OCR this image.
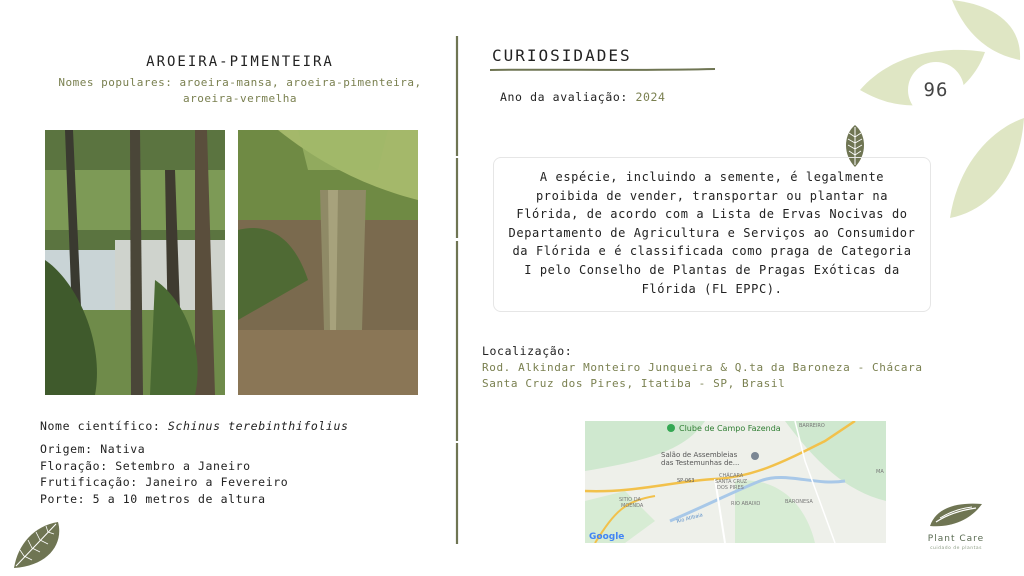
96
AROEIRA-PIMENTEIRA
Nomes populares: aroeira-mansa, aroeira-pimenteira, aroeira-vermelha
Nome científico: Schinus terebinthifolius
Origem: Nativa
Floração: Setembro a Janeiro
Frutificação: Janeiro a Fevereiro
Porte: 5 a 10 metros de altura
CURIOSIDADES
Ano da avaliação: 2024
A espécie, incluindo a semente, é legalmente proibida de vender, transportar ou plantar na Flórida, de acordo com a Lista de Ervas Nocivas do Departamento de Agricultura e Serviços ao Consumidor da Flórida e é classificada como praga de Categoria I pelo Conselho de Plantas de Pragas Exóticas da Flórida (FL EPPC).
Localização:
Rod. Alkindar Monteiro Junqueira & Q.ta da Baroneza - Chácara Santa Cruz dos Pires, Itatiba - SP, Brasil
Clube de Campo Fazenda
Salão de Assembleias
das Testemunhas de...
BARREIRO
SP-063
CHÁCARA
SANTA CRUZ
DOS PIRES
SITIO DA
MOENDA
Rio Atibaia
RIO ABAIXO	BARONESA
MA
Google	Plant Care
cuidado de plantas
